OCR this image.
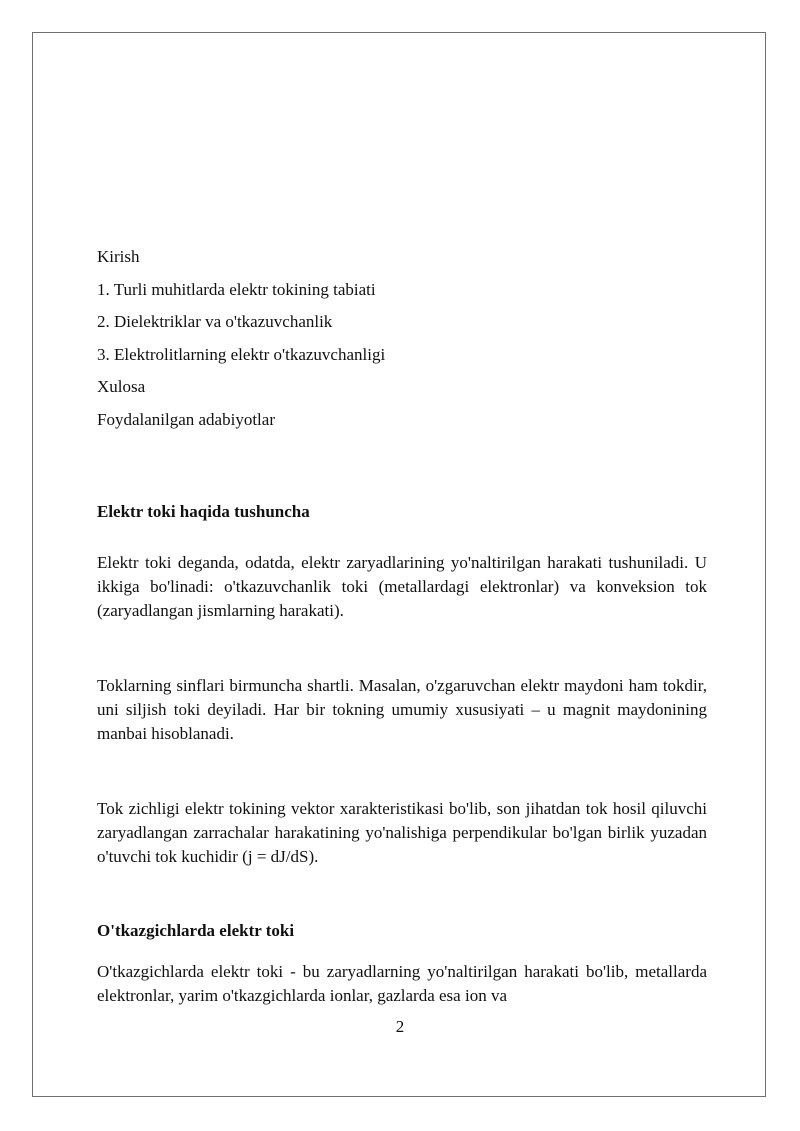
Kirish
1. Turli muhitlarda elektr tokining tabiati
2. Dielektriklar va o'tkazuvchanlik
3. Elektrolitlarning elektr o'tkazuvchanligi
Xulosa
Foydalanilgan adabiyotlar
Elektr toki haqida tushuncha
Elektr toki deganda, odatda, elektr zaryadlarining yo'naltirilgan harakati tushuniladi. U ikkiga bo'linadi: o'tkazuvchanlik toki (metallardagi elektronlar) va konveksion tok (zaryadlangan jismlarning harakati).
Toklarning sinflari birmuncha shartli. Masalan, o'zgaruvchan elektr maydoni ham tokdir, uni siljish toki deyiladi. Har bir tokning umumiy xususiyati – u magnit maydonining manbai hisoblanadi.
Tok zichligi elektr tokining vektor xarakteristikasi bo'lib, son jihatdan tok hosil qiluvchi zaryadlangan zarrachalar harakatining yo'nalishiga perpendikular bo'lgan birlik yuzadan o'tuvchi tok kuchidir (j = dJ/dS).
O'tkazgichlarda elektr toki
O'tkazgichlarda elektr toki - bu zaryadlarning yo'naltirilgan harakati bo'lib, metallarda elektronlar, yarim o'tkazgichlarda ionlar, gazlarda esa ion va
2
